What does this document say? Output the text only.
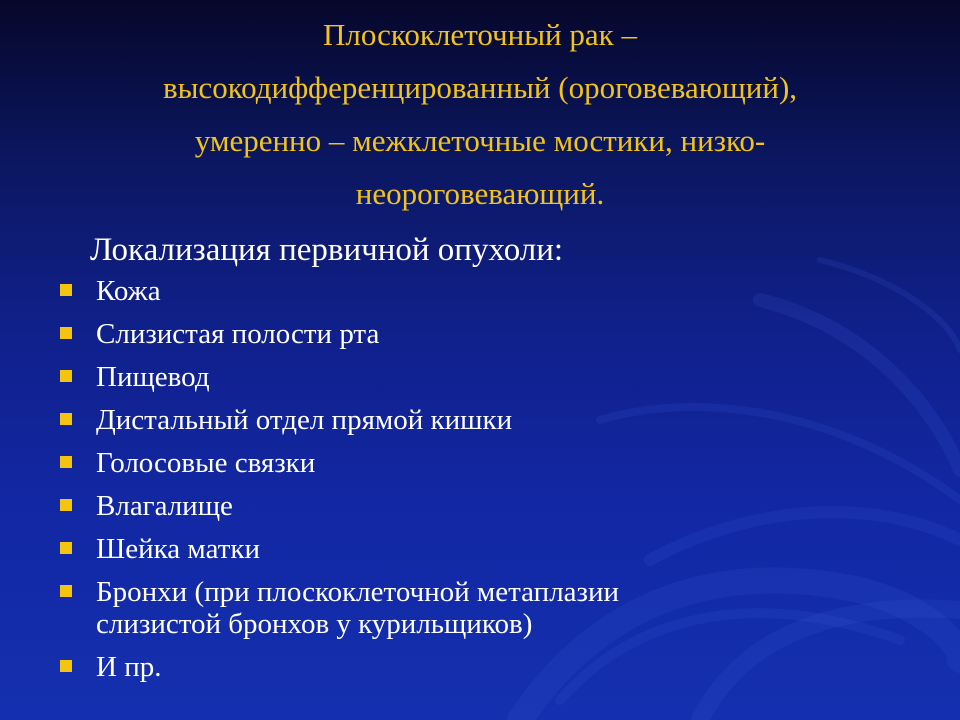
Плоскоклеточный рак –
высокодифференцированный (ороговевающий),
умеренно – межклеточные мостики, низко-
неороговевающий.
Локализация первичной опухоли:
Кожа
Слизистая полости рта
Пищевод
Дистальный отдел прямой кишки
Голосовые связки
Влагалище
Шейка матки
Бронхи (при плоскоклеточной метаплазии
слизистой бронхов у курильщиков)
И пр.
